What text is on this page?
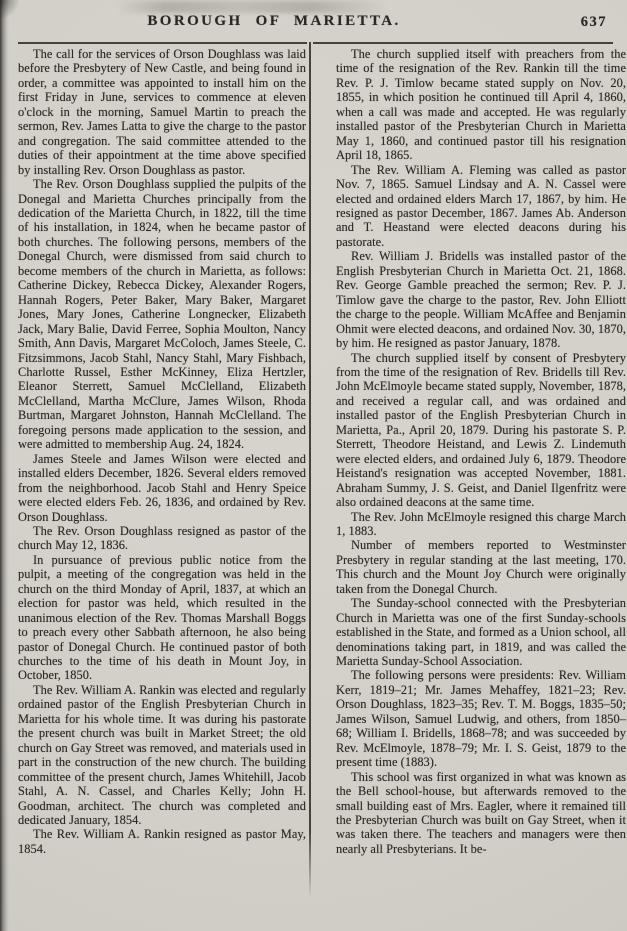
BOROUGH OF MARIETTA.	637

The call for the services of Orson Doughlass was laid before the Presbytery of New Castle, and being found in order, a committee was appointed to install him on the first Friday in June, services to commence at eleven o'clock in the morning, Samuel Martin to preach the sermon, Rev. James Latta to give the charge to the pastor and congregation. The said committee attended to the duties of their appointment at the time above specified by installing Rev. Orson Doughlass as pastor.

The Rev. Orson Doughlass supplied the pulpits of the Donegal and Marietta Churches principally from the dedication of the Marietta Church, in 1822, till the time of his installation, in 1824, when he became pastor of both churches. The following persons, members of the Donegal Church, were dismissed from said church to become members of the church in Marietta, as follows: Catherine Dickey, Rebecca Dickey, Alexander Rogers, Hannah Rogers, Peter Baker, Mary Baker, Margaret Jones, Mary Jones, Catherine Longnecker, Elizabeth Jack, Mary Balie, David Ferree, Sophia Moulton, Nancy Smith, Ann Davis, Margaret McColoch, James Steele, C. Fitzsimmons, Jacob Stahl, Nancy Stahl, Mary Fishbach, Charlotte Russel, Esther McKinney, Eliza Hertzler, Eleanor Sterrett, Samuel McClelland, Elizabeth McClelland, Martha McClure, James Wilson, Rhoda Burtman, Margaret Johnston, Hannah McClelland. The foregoing persons made application to the session, and were admitted to membership Aug. 24, 1824.

James Steele and James Wilson were elected and installed elders December, 1826. Several elders removed from the neighborhood. Jacob Stahl and Henry Speice were elected elders Feb. 26, 1836, and ordained by Rev. Orson Doughlass.

The Rev. Orson Doughlass resigned as pastor of the church May 12, 1836.

In pursuance of previous public notice from the pulpit, a meeting of the congregation was held in the church on the third Monday of April, 1837, at which an election for pastor was held, which resulted in the unanimous election of the Rev. Thomas Marshall Boggs to preach every other Sabbath afternoon, he also being pastor of Donegal Church. He continued pastor of both churches to the time of his death in Mount Joy, in October, 1850.

The Rev. William A. Rankin was elected and regularly ordained pastor of the English Presbyterian Church in Marietta for his whole time. It was during his pastorate the present church was built in Market Street; the old church on Gay Street was removed, and materials used in part in the construction of the new church. The building committee of the present church, James Whitehill, Jacob Stahl, A. N. Cassel, and Charles Kelly; John H. Goodman, architect. The church was completed and dedicated January, 1854.

The Rev. William A. Rankin resigned as pastor May, 1854.

The church supplied itself with preachers from the time of the resignation of the Rev. Rankin till the time Rev. P. J. Timlow became stated supply on Nov. 20, 1855, in which position he continued till April 4, 1860, when a call was made and accepted. He was regularly installed pastor of the Presbyterian Church in Marietta May 1, 1860, and continued pastor till his resignation April 18, 1865.

The Rev. William A. Fleming was called as pastor Nov. 7, 1865. Samuel Lindsay and A. N. Cassel were elected and ordained elders March 17, 1867, by him. He resigned as pastor December, 1867. James Ab. Anderson and T. Heastand were elected deacons during his pastorate.

Rev. William J. Bridells was installed pastor of the English Presbyterian Church in Marietta Oct. 21, 1868. Rev. George Gamble preached the sermon; Rev. P. J. Timlow gave the charge to the pastor, Rev. John Elliott the charge to the people. William McAffee and Benjamin Ohmit were elected deacons, and ordained Nov. 30, 1870, by him. He resigned as pastor January, 1878.

The church supplied itself by consent of Presbytery from the time of the resignation of Rev. Bridells till Rev. John McElmoyle became stated supply, November, 1878, and received a regular call, and was ordained and installed pastor of the English Presbyterian Church in Marietta, Pa., April 20, 1879. During his pastorate S. P. Sterrett, Theodore Heistand, and Lewis Z. Lindemuth were elected elders, and ordained July 6, 1879. Theodore Heistand's resignation was accepted November, 1881. Abraham Summy, J. S. Geist, and Daniel Ilgenfritz were also ordained deacons at the same time.

The Rev. John McElmoyle resigned this charge March 1, 1883.

Number of members reported to Westminster Presbytery in regular standing at the last meeting, 170. This church and the Mount Joy Church were originally taken from the Donegal Church.

The Sunday-school connected with the Presbyterian Church in Marietta was one of the first Sunday-schools established in the State, and formed as a Union school, all denominations taking part, in 1819, and was called the Marietta Sunday-School Association.

The following persons were presidents: Rev. William Kerr, 1819–21; Mr. James Mehaffey, 1821–23; Rev. Orson Doughlass, 1823–35; Rev. T. M. Boggs, 1835–50; James Wilson, Samuel Ludwig, and others, from 1850–68; William I. Bridells, 1868–78; and was succeeded by Rev. McElmoyle, 1878–79; Mr. I. S. Geist, 1879 to the present time (1883).

This school was first organized in what was known as the Bell school-house, but afterwards removed to the small building east of Mrs. Eagler, where it remained till the Presbyterian Church was built on Gay Street, when it was taken there. The teachers and managers were then nearly all Presbyterians. It be-
